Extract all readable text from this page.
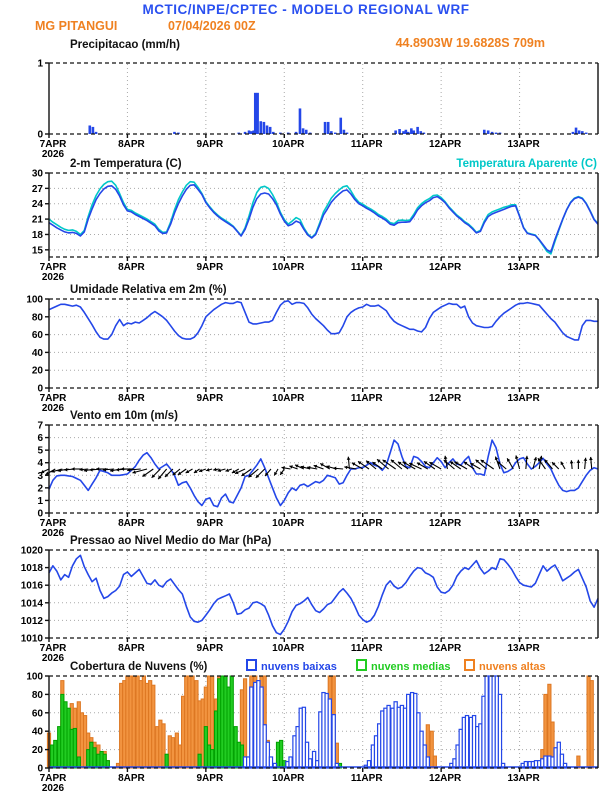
MCTIC/INPE/CPTEC - MODELO REGIONAL WRF
MG PITANGUI	07/04/2026 00Z
44.8903W 19.6828S 709m
Precipitacao (mm/h)
2-m Temperatura (C)	Temperatura Aparente (C)
Umidade Relativa em 2m (%)
Vento em 10m (m/s)
Pressao ao Nivel Medio do Mar (hPa)
Cobertura de Nuvens (%)	nuvens baixas	nuvens medias	nuvens altas
0
1
7APR
2026
8APR	9APR	10APR	11APR	12APR	13APR
15
18
21
24
27
30
7APR
2026
8APR	9APR	10APR	11APR	12APR	13APR
0
20
40
60
80
100
7APR
2026
8APR	9APR	10APR	11APR	12APR	13APR
0
1
2
3
4
5
6
7
7APR
2026
8APR	9APR	10APR	11APR	12APR	13APR
1010
1012
1014
1016
1018
1020
7APR
2026
8APR	9APR	10APR	11APR	12APR	13APR
0
20
40
60
80
100
7APR
2026
8APR	9APR	10APR	11APR	12APR	13APR
